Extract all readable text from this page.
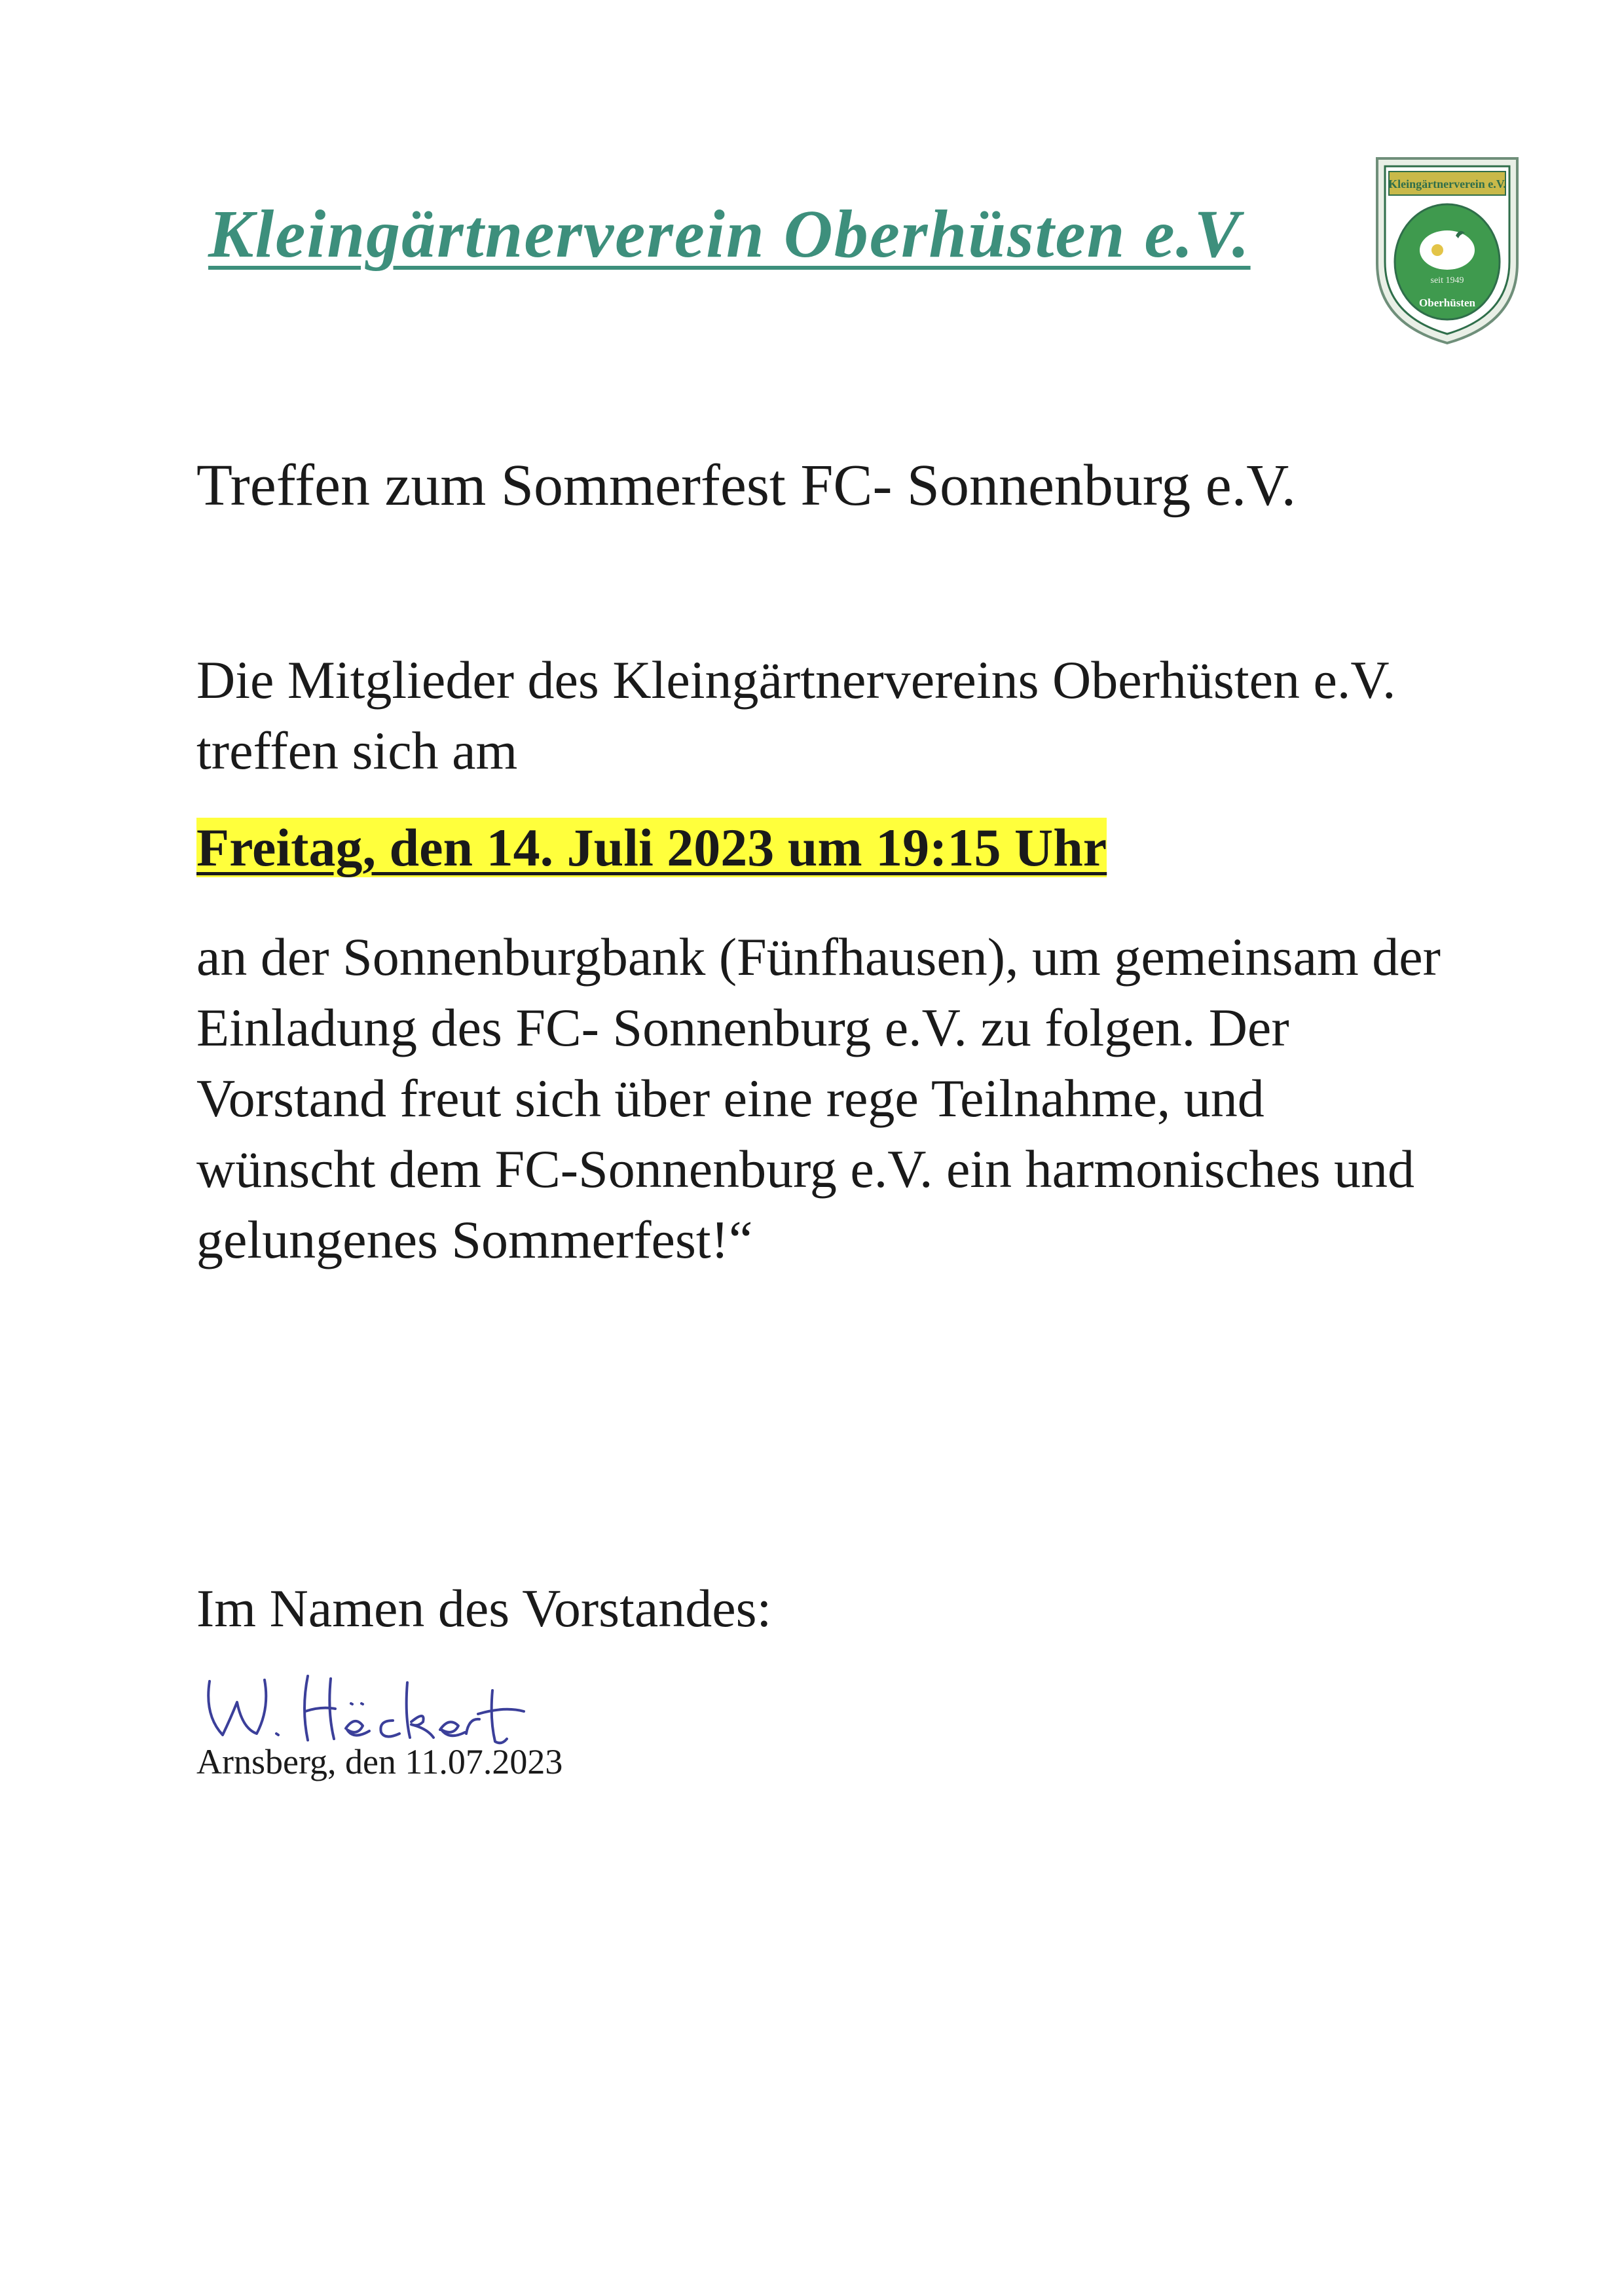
Kleingärtnerverein Oberhüsten e.V.
Kleingärtnerverein e.V.
seit 1949
Oberhüsten
Treffen zum Sommerfest FC- Sonnenburg e.V.
Die Mitglieder des Kleingärtnervereins Oberhüsten e.V. treffen sich am
Freitag, den 14. Juli 2023 um 19:15 Uhr
an der Sonnenburgbank (Fünfhausen), um gemeinsam der Einladung des FC- Sonnenburg e.V. zu folgen. Der Vorstand freut sich über eine rege Teilnahme, und wünscht dem FC-Sonnenburg e.V. ein harmonisches und gelungenes Sommerfest!“
Im Namen des Vorstandes:
Arnsberg, den 11.07.2023
